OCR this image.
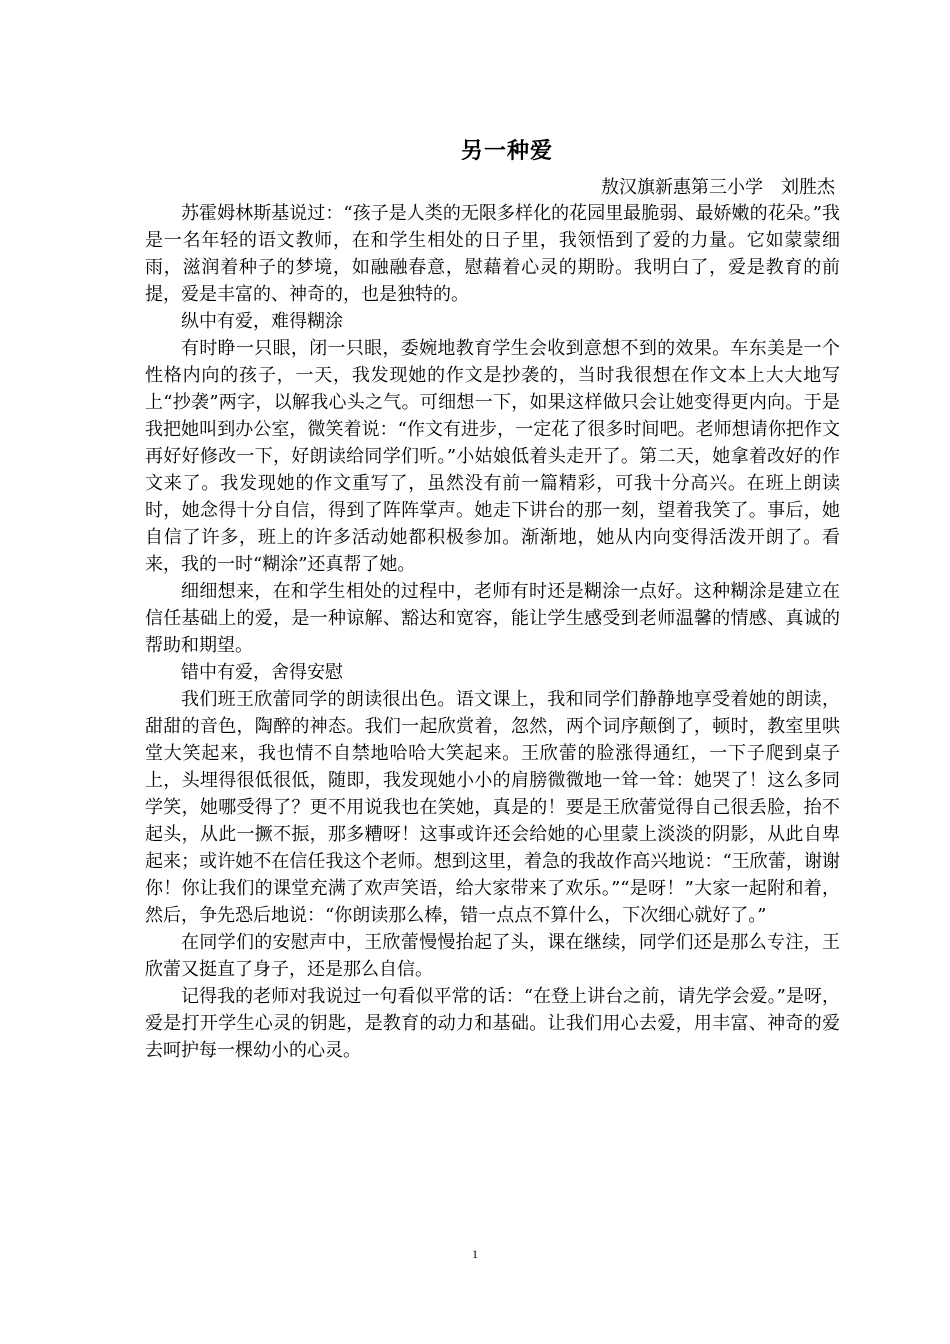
另一种爱
敖汉旗新惠第三小学　刘胜杰

苏霍姆林斯基说过：“孩子是人类的无限多样化的花园里最脆弱、最娇嫩的花朵。”我是一名年轻的语文教师，在和学生相处的日子里，我领悟到了爱的力量。它如蒙蒙细雨，滋润着种子的梦境，如融融春意，慰藉着心灵的期盼。我明白了，爱是教育的前提，爱是丰富的、神奇的，也是独特的。

纵中有爱，难得糊涂

有时睁一只眼，闭一只眼，委婉地教育学生会收到意想不到的效果。车东美是一个性格内向的孩子，一天，我发现她的作文是抄袭的，当时我很想在作文本上大大地写上“抄袭”两字，以解我心头之气。可细想一下，如果这样做只会让她变得更内向。于是我把她叫到办公室，微笑着说：“作文有进步，一定花了很多时间吧。老师想请你把作文再好好修改一下，好朗读给同学们听。”小姑娘低着头走开了。第二天，她拿着改好的作文来了。我发现她的作文重写了，虽然没有前一篇精彩，可我十分高兴。在班上朗读时，她念得十分自信，得到了阵阵掌声。她走下讲台的那一刻，望着我笑了。事后，她自信了许多，班上的许多活动她都积极参加。渐渐地，她从内向变得活泼开朗了。看来，我的一时“糊涂”还真帮了她。

细细想来，在和学生相处的过程中，老师有时还是糊涂一点好。这种糊涂是建立在信任基础上的爱，是一种谅解、豁达和宽容，能让学生感受到老师温馨的情感、真诚的帮助和期望。

错中有爱，舍得安慰

我们班王欣蕾同学的朗读很出色。语文课上，我和同学们静静地享受着她的朗读，甜甜的音色，陶醉的神态。我们一起欣赏着，忽然，两个词序颠倒了，顿时，教室里哄堂大笑起来，我也情不自禁地哈哈大笑起来。王欣蕾的脸涨得通红，一下子爬到桌子上，头埋得很低很低，随即，我发现她小小的肩膀微微地一耸一耸：她哭了！这么多同学笑，她哪受得了？更不用说我也在笑她，真是的！要是王欣蕾觉得自己很丢脸，抬不起头，从此一撅不振，那多糟呀！这事或许还会给她的心里蒙上淡淡的阴影，从此自卑起来；或许她不在信任我这个老师。想到这里，着急的我故作高兴地说：“王欣蕾，谢谢你！你让我们的课堂充满了欢声笑语，给大家带来了欢乐。”“是呀！”大家一起附和着，然后，争先恐后地说：“你朗读那么棒，错一点点不算什么，下次细心就好了。”

在同学们的安慰声中，王欣蕾慢慢抬起了头，课在继续，同学们还是那么专注，王欣蕾又挺直了身子，还是那么自信。

记得我的老师对我说过一句看似平常的话：“在登上讲台之前，请先学会爱。”是呀，爱是打开学生心灵的钥匙，是教育的动力和基础。让我们用心去爱，用丰富、神奇的爱去呵护每一棵幼小的心灵。

1
